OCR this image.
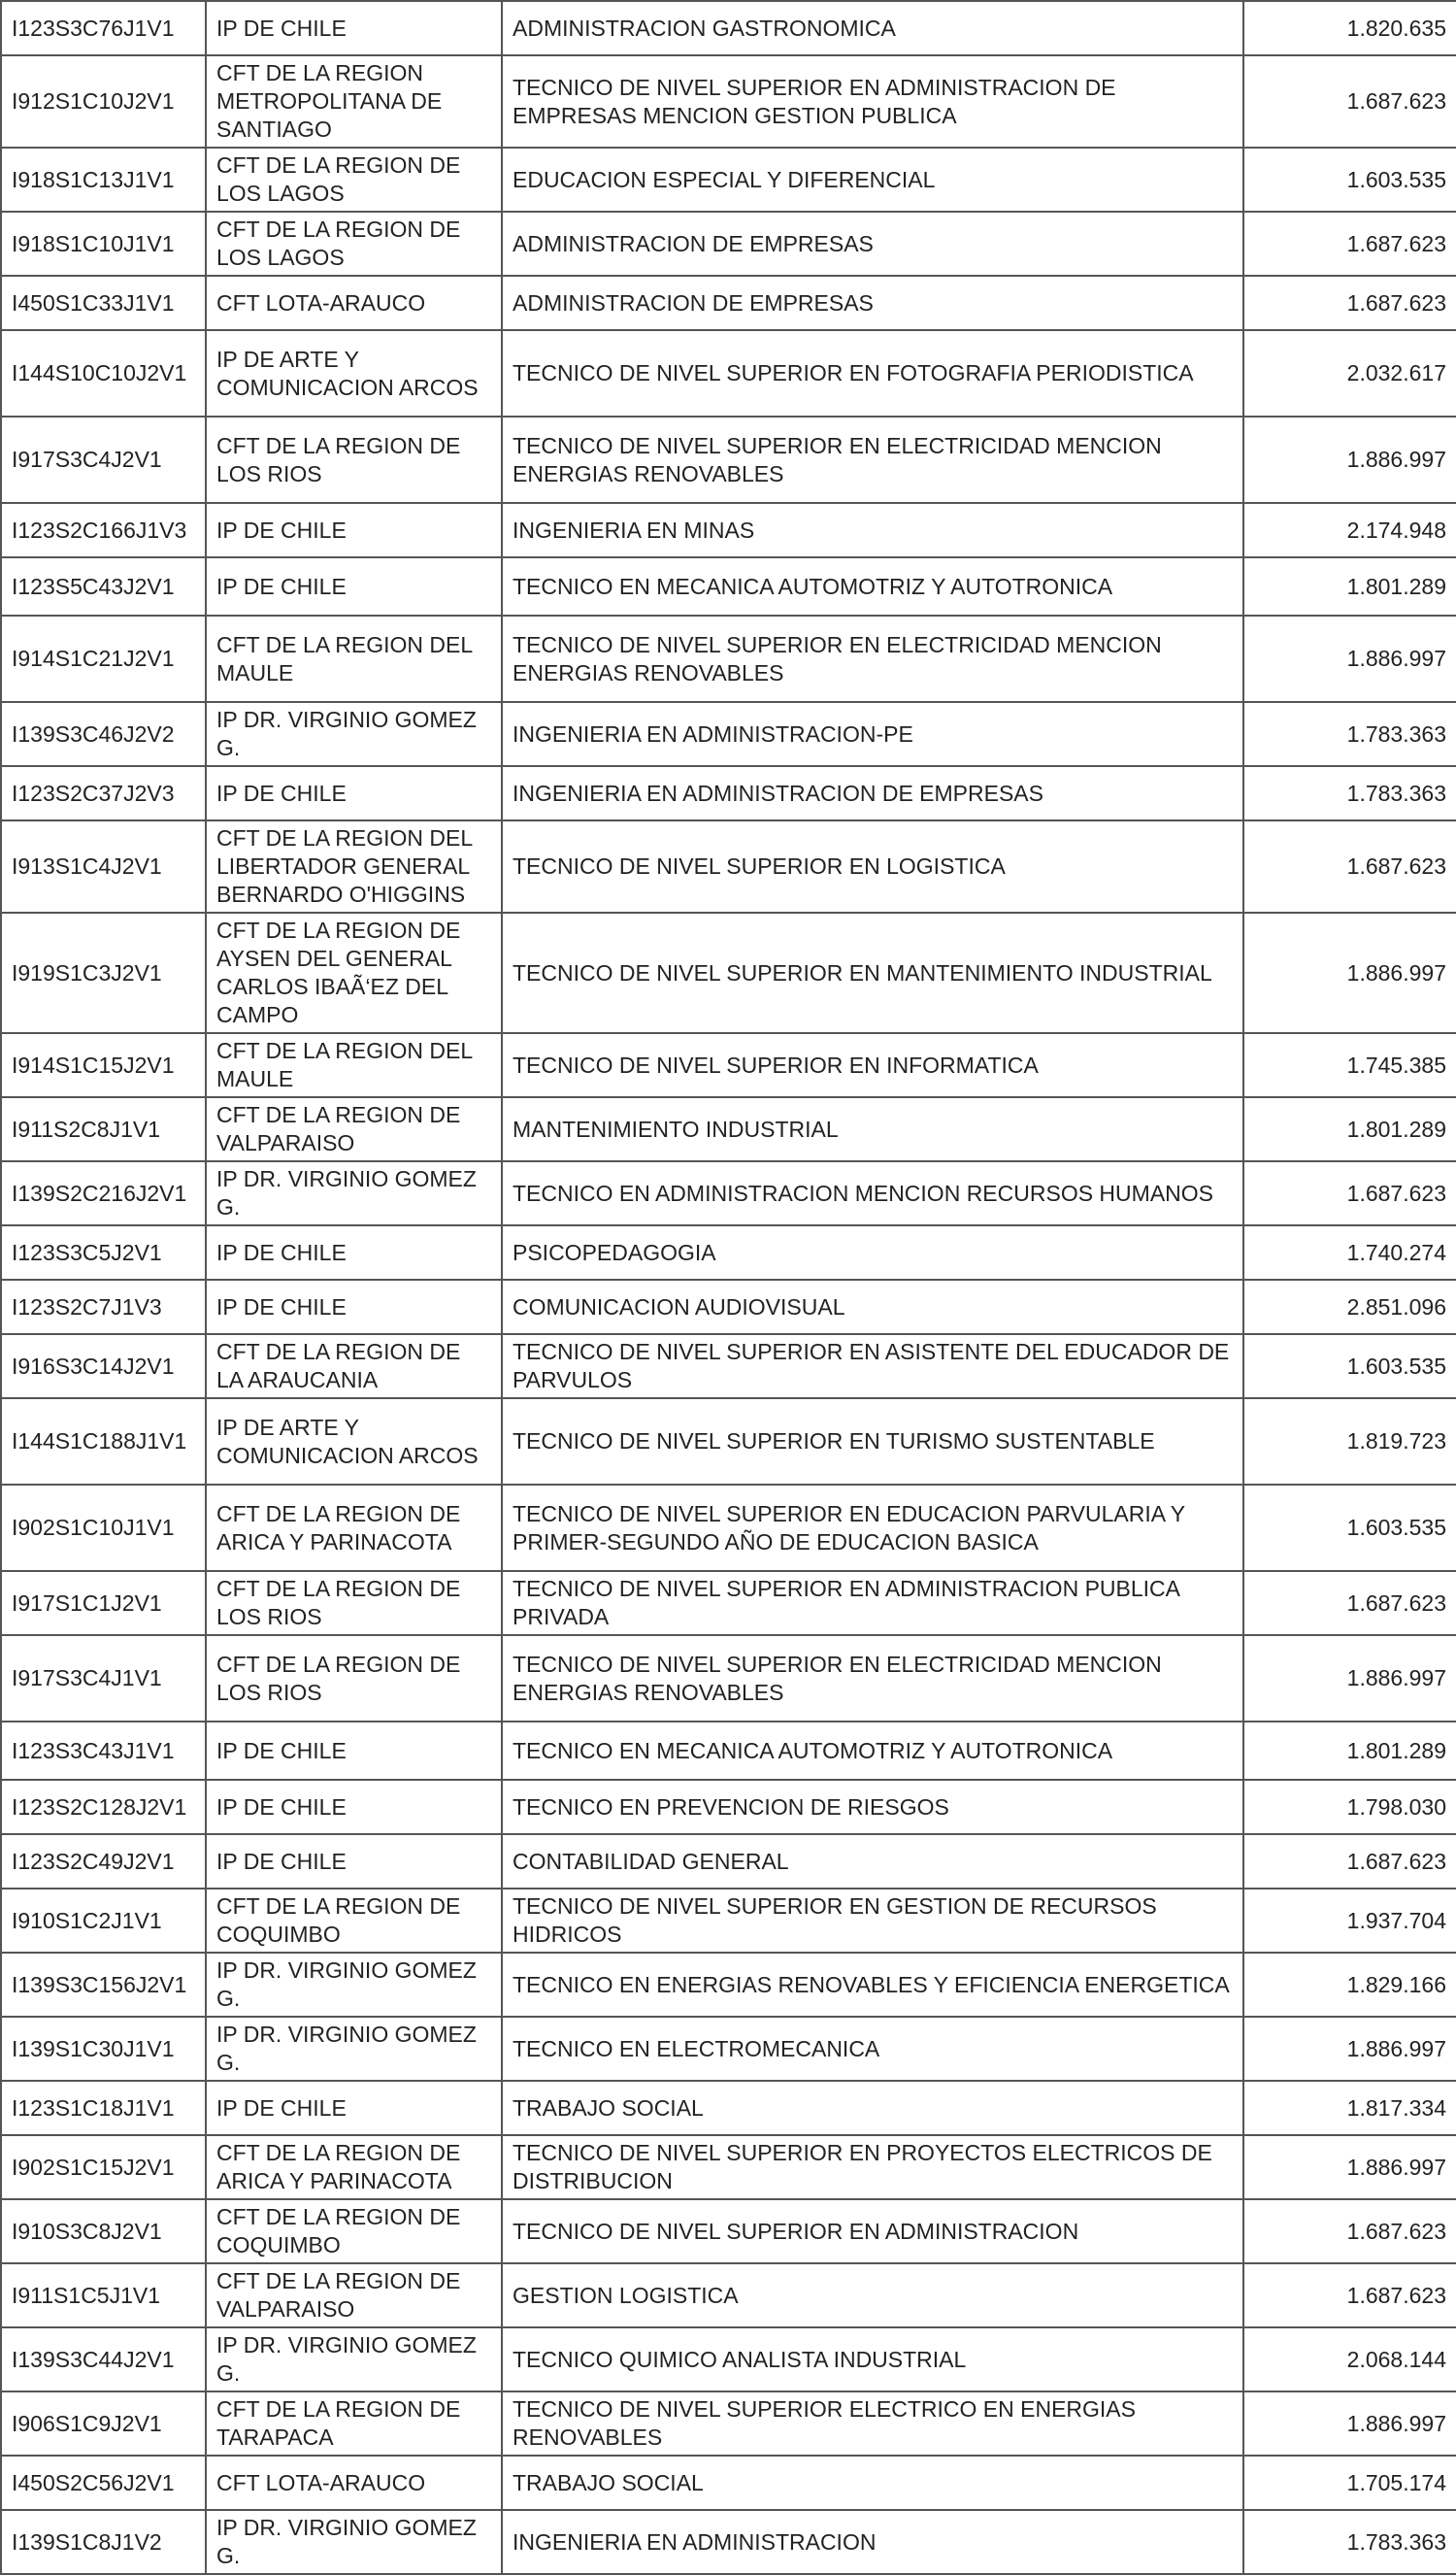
I123S3C76J1V1	IP DE CHILE	ADMINISTRACION GASTRONOMICA	1.820.635
I912S1C10J2V1	CFT DE LA REGION METROPOLITANA DE SANTIAGO	TECNICO DE NIVEL SUPERIOR EN ADMINISTRACION DE EMPRESAS MENCION GESTION PUBLICA	1.687.623
I918S1C13J1V1	CFT DE LA REGION DE LOS LAGOS	EDUCACION ESPECIAL Y DIFERENCIAL	1.603.535
I918S1C10J1V1	CFT DE LA REGION DE LOS LAGOS	ADMINISTRACION DE EMPRESAS	1.687.623
I450S1C33J1V1	CFT LOTA-ARAUCO	ADMINISTRACION DE EMPRESAS	1.687.623
I144S10C10J2V1	IP DE ARTE Y COMUNICACION ARCOS	TECNICO DE NIVEL SUPERIOR EN FOTOGRAFIA PERIODISTICA	2.032.617
I917S3C4J2V1	CFT DE LA REGION DE LOS RIOS	TECNICO DE NIVEL SUPERIOR EN ELECTRICIDAD MENCION ENERGIAS RENOVABLES	1.886.997
I123S2C166J1V3	IP DE CHILE	INGENIERIA EN MINAS	2.174.948
I123S5C43J2V1	IP DE CHILE	TECNICO EN MECANICA AUTOMOTRIZ Y AUTOTRONICA	1.801.289
I914S1C21J2V1	CFT DE LA REGION DEL MAULE	TECNICO DE NIVEL SUPERIOR EN ELECTRICIDAD MENCION ENERGIAS RENOVABLES	1.886.997
I139S3C46J2V2	IP DR. VIRGINIO GOMEZ G.	INGENIERIA EN ADMINISTRACION-PE	1.783.363
I123S2C37J2V3	IP DE CHILE	INGENIERIA EN ADMINISTRACION DE EMPRESAS	1.783.363
I913S1C4J2V1	CFT DE LA REGION DEL LIBERTADOR GENERAL BERNARDO O'HIGGINS	TECNICO DE NIVEL SUPERIOR EN LOGISTICA	1.687.623
I919S1C3J2V1	CFT DE LA REGION DE AYSEN DEL GENERAL CARLOS IBAÃ‘EZ DEL CAMPO	TECNICO DE NIVEL SUPERIOR EN MANTENIMIENTO INDUSTRIAL	1.886.997
I914S1C15J2V1	CFT DE LA REGION DEL MAULE	TECNICO DE NIVEL SUPERIOR EN INFORMATICA	1.745.385
I911S2C8J1V1	CFT DE LA REGION DE VALPARAISO	MANTENIMIENTO INDUSTRIAL	1.801.289
I139S2C216J2V1	IP DR. VIRGINIO GOMEZ G.	TECNICO EN ADMINISTRACION MENCION RECURSOS HUMANOS	1.687.623
I123S3C5J2V1	IP DE CHILE	PSICOPEDAGOGIA	1.740.274
I123S2C7J1V3	IP DE CHILE	COMUNICACION AUDIOVISUAL	2.851.096
I916S3C14J2V1	CFT DE LA REGION DE LA ARAUCANIA	TECNICO DE NIVEL SUPERIOR EN ASISTENTE DEL EDUCADOR DE PARVULOS	1.603.535
I144S1C188J1V1	IP DE ARTE Y COMUNICACION ARCOS	TECNICO DE NIVEL SUPERIOR EN TURISMO SUSTENTABLE	1.819.723
I902S1C10J1V1	CFT DE LA REGION DE ARICA Y PARINACOTA	TECNICO DE NIVEL SUPERIOR EN EDUCACION PARVULARIA Y PRIMER-SEGUNDO AÑO DE EDUCACION BASICA	1.603.535
I917S1C1J2V1	CFT DE LA REGION DE LOS RIOS	TECNICO DE NIVEL SUPERIOR EN ADMINISTRACION PUBLICA PRIVADA	1.687.623
I917S3C4J1V1	CFT DE LA REGION DE LOS RIOS	TECNICO DE NIVEL SUPERIOR EN ELECTRICIDAD MENCION ENERGIAS RENOVABLES	1.886.997
I123S3C43J1V1	IP DE CHILE	TECNICO EN MECANICA AUTOMOTRIZ Y AUTOTRONICA	1.801.289
I123S2C128J2V1	IP DE CHILE	TECNICO EN PREVENCION DE RIESGOS	1.798.030
I123S2C49J2V1	IP DE CHILE	CONTABILIDAD GENERAL	1.687.623
I910S1C2J1V1	CFT DE LA REGION DE COQUIMBO	TECNICO DE NIVEL SUPERIOR EN GESTION DE RECURSOS HIDRICOS	1.937.704
I139S3C156J2V1	IP DR. VIRGINIO GOMEZ G.	TECNICO EN ENERGIAS RENOVABLES Y EFICIENCIA ENERGETICA	1.829.166
I139S1C30J1V1	IP DR. VIRGINIO GOMEZ G.	TECNICO EN ELECTROMECANICA	1.886.997
I123S1C18J1V1	IP DE CHILE	TRABAJO SOCIAL	1.817.334
I902S1C15J2V1	CFT DE LA REGION DE ARICA Y PARINACOTA	TECNICO DE NIVEL SUPERIOR EN PROYECTOS ELECTRICOS DE DISTRIBUCION	1.886.997
I910S3C8J2V1	CFT DE LA REGION DE COQUIMBO	TECNICO DE NIVEL SUPERIOR EN ADMINISTRACION	1.687.623
I911S1C5J1V1	CFT DE LA REGION DE VALPARAISO	GESTION LOGISTICA	1.687.623
I139S3C44J2V1	IP DR. VIRGINIO GOMEZ G.	TECNICO QUIMICO ANALISTA INDUSTRIAL	2.068.144
I906S1C9J2V1	CFT DE LA REGION DE TARAPACA	TECNICO DE NIVEL SUPERIOR ELECTRICO EN ENERGIAS RENOVABLES	1.886.997
I450S2C56J2V1	CFT LOTA-ARAUCO	TRABAJO SOCIAL	1.705.174
I139S1C8J1V2	IP DR. VIRGINIO GOMEZ G.	INGENIERIA EN ADMINISTRACION	1.783.363
